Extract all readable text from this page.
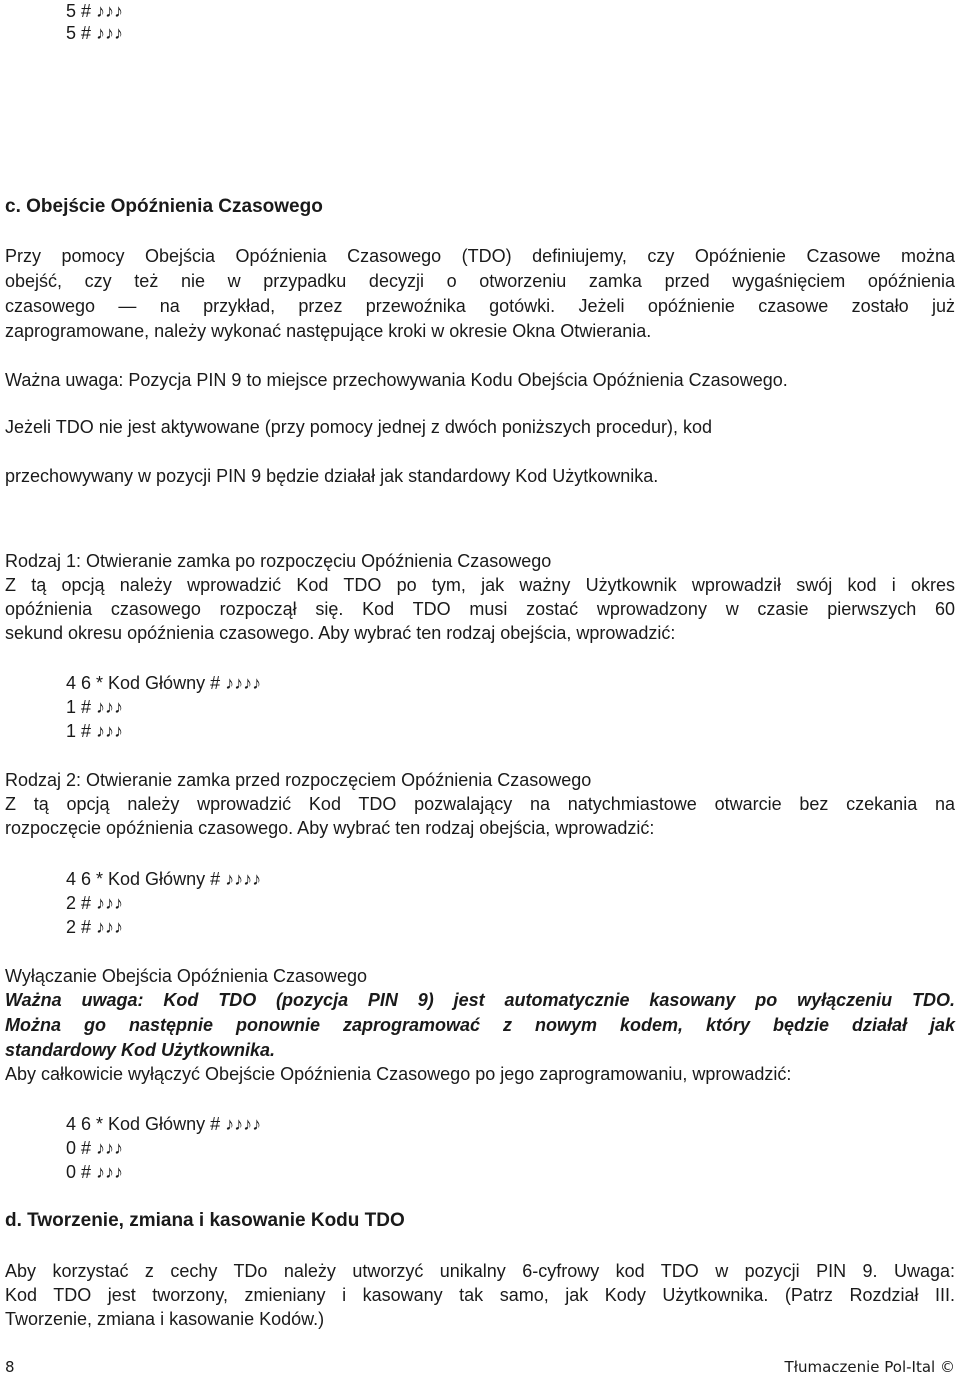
5 # ♪♪♪
5 # ♪♪♪
c. Obejście Opóźnienia Czasowego
Przy pomocy Obejścia Opóźnienia Czasowego (TDO) definiujemy, czy Opóźnienie Czasowe można
obejść, czy też nie w przypadku decyzji o otworzeniu zamka przed wygaśnięciem opóźnienia
czasowego — na przykład, przez przewoźnika gotówki. Jeżeli opóźnienie czasowe zostało już
zaprogramowane, należy wykonać następujące kroki w okresie Okna Otwierania.
Ważna uwaga: Pozycja PIN 9 to miejsce przechowywania Kodu Obejścia Opóźnienia Czasowego.
Jeżeli TDO nie jest aktywowane (przy pomocy jednej z dwóch poniższych procedur), kod
przechowywany w pozycji PIN 9 będzie działał jak standardowy Kod Użytkownika.
Rodzaj 1: Otwieranie zamka po rozpoczęciu Opóźnienia Czasowego
Z tą opcją należy wprowadzić Kod TDO po tym, jak ważny Użytkownik wprowadził swój kod i okres
opóźnienia czasowego rozpoczął się. Kod TDO musi zostać wprowadzony w czasie pierwszych 60
sekund okresu opóźnienia czasowego. Aby wybrać ten rodzaj obejścia, wprowadzić:
4 6 * Kod Główny # ♪♪♪♪
1 # ♪♪♪
1 # ♪♪♪
Rodzaj 2: Otwieranie zamka przed rozpoczęciem Opóźnienia Czasowego
Z tą opcją należy wprowadzić Kod TDO pozwalający na natychmiastowe otwarcie bez czekania na
rozpoczęcie opóźnienia czasowego. Aby wybrać ten rodzaj obejścia, wprowadzić:
4 6 * Kod Główny # ♪♪♪♪
2 # ♪♪♪
2 # ♪♪♪
Wyłączanie Obejścia Opóźnienia Czasowego
Ważna uwaga: Kod TDO (pozycja PIN 9) jest automatycznie kasowany po wyłączeniu TDO.
Można go następnie ponownie zaprogramować z nowym kodem, który będzie działał jak
standardowy Kod Użytkownika.
Aby całkowicie wyłączyć Obejście Opóźnienia Czasowego po jego zaprogramowaniu, wprowadzić:
4 6 * Kod Główny # ♪♪♪♪
0 # ♪♪♪
0 # ♪♪♪
d. Tworzenie, zmiana i kasowanie Kodu TDO
Aby korzystać z cechy TDo należy utworzyć unikalny 6-cyfrowy kod TDO w pozycji PIN 9. Uwaga:
Kod TDO jest tworzony, zmieniany i kasowany tak samo, jak Kody Użytkownika. (Patrz Rozdział III.
Tworzenie, zmiana i kasowanie Kodów.)
8	Tłumaczenie Pol-Ital ©
